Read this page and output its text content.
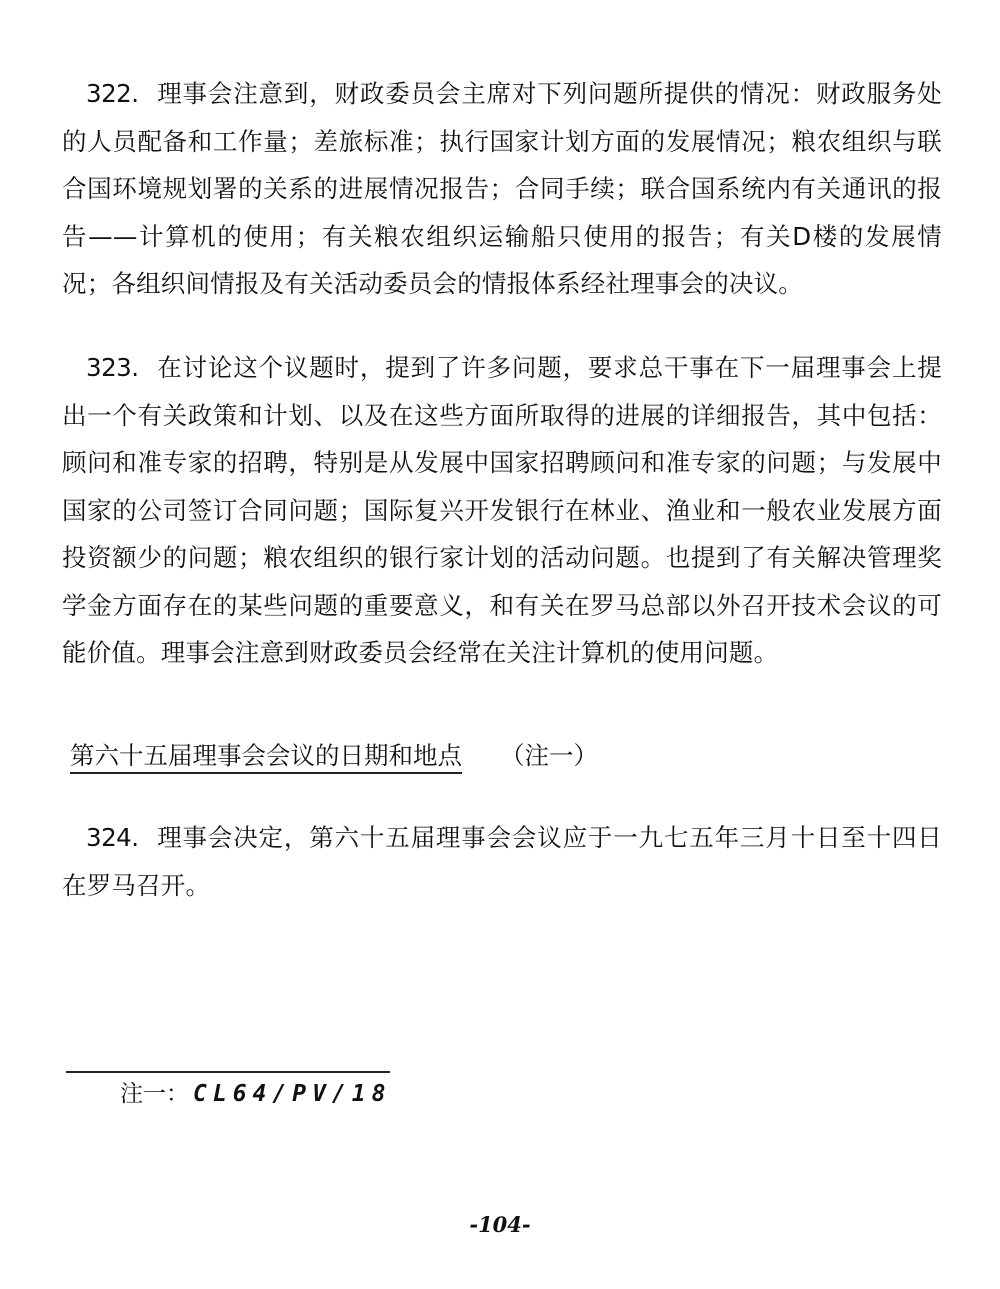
322. 理事会注意到，财政委员会主席对下列问题所提供的情况：财政服务处的人员配备和工作量；差旅标准；执行国家计划方面的发展情况；粮农组织与联合国环境规划署的关系的进展情况报告；合同手续；联合国系统内有关通讯的报告——计算机的使用；有关粮农组织运输船只使用的报告；有关D楼的发展情况；各组织间情报及有关活动委员会的情报体系经社理事会的决议。
323. 在讨论这个议题时，提到了许多问题，要求总干事在下一届理事会上提出一个有关政策和计划、以及在这些方面所取得的进展的详细报告，其中包括：顾问和准专家的招聘，特别是从发展中国家招聘顾问和准专家的问题；与发展中国家的公司签订合同问题；国际复兴开发银行在林业、渔业和一般农业发展方面投资额少的问题；粮农组织的银行家计划的活动问题。也提到了有关解决管理奖学金方面存在的某些问题的重要意义，和有关在罗马总部以外召开技术会议的可能价值。理事会注意到财政委员会经常在关注计算机的使用问题。
第六十五届理事会会议的日期和地点 （注一）
324. 理事会决定，第六十五届理事会会议应于一九七五年三月十日至十四日在罗马召开。
注一： CL64/PV/18
-104-
